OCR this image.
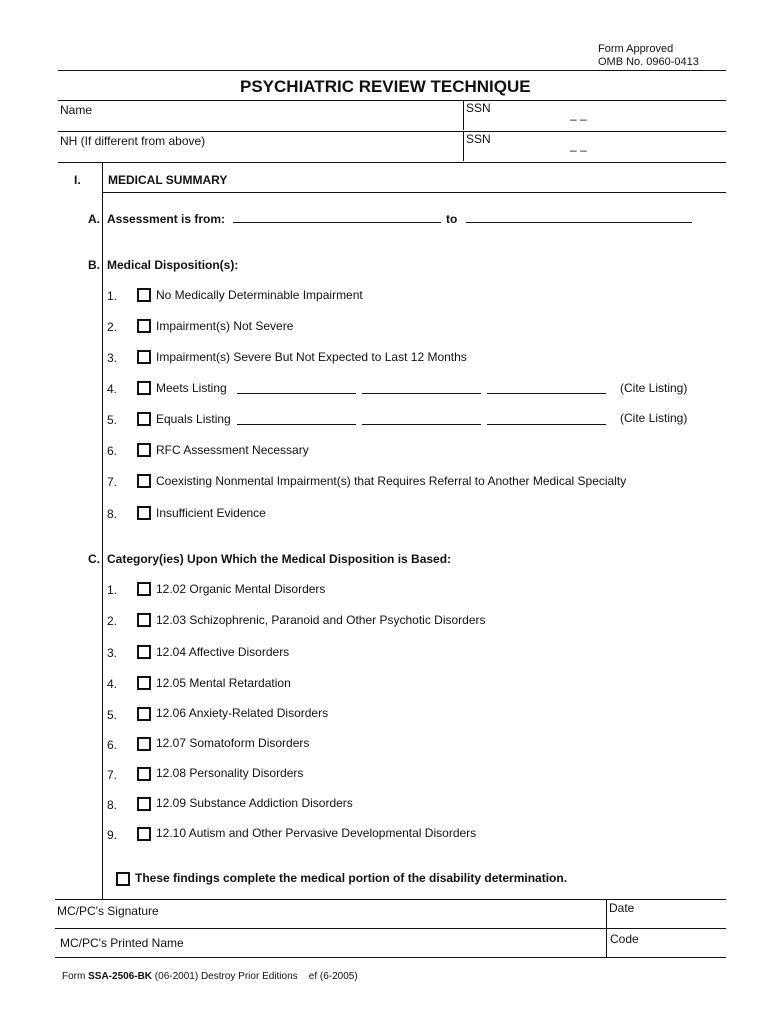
Form Approved
OMB No. 0960-0413
PSYCHIATRIC REVIEW TECHNIQUE
Name	SSN
– –
NH (If different from above)	SSN
– –
I. MEDICAL SUMMARY
A. Assessment is from:	to
B. Medical Disposition(s):
1.	No Medically Determinable Impairment
2.	Impairment(s) Not Severe
3.	Impairment(s) Severe But Not Expected to Last 12 Months
4.	Meets Listing	(Cite Listing)
5.	Equals Listing	(Cite Listing)
6.	RFC Assessment Necessary
7.	Coexisting Nonmental Impairment(s) that Requires Referral to Another Medical Specialty
8.	Insufficient Evidence
C. Category(ies) Upon Which the Medical Disposition is Based:
1.	12.02 Organic Mental Disorders
2.	12.03 Schizophrenic, Paranoid and Other Psychotic Disorders
3.	12.04 Affective Disorders
4.	12.05 Mental Retardation
5.	12.06 Anxiety-Related Disorders
6.	12.07 Somatoform Disorders
7.	12.08 Personality Disorders
8.	12.09 Substance Addiction Disorders
9.	12.10 Autism and Other Pervasive Developmental Disorders
These findings complete the medical portion of the disability determination.
MC/PC's Signature	Date
MC/PC's Printed Name	Code
Form SSA-2506-BK (06-2001) Destroy Prior Editions    ef (6-2005)
